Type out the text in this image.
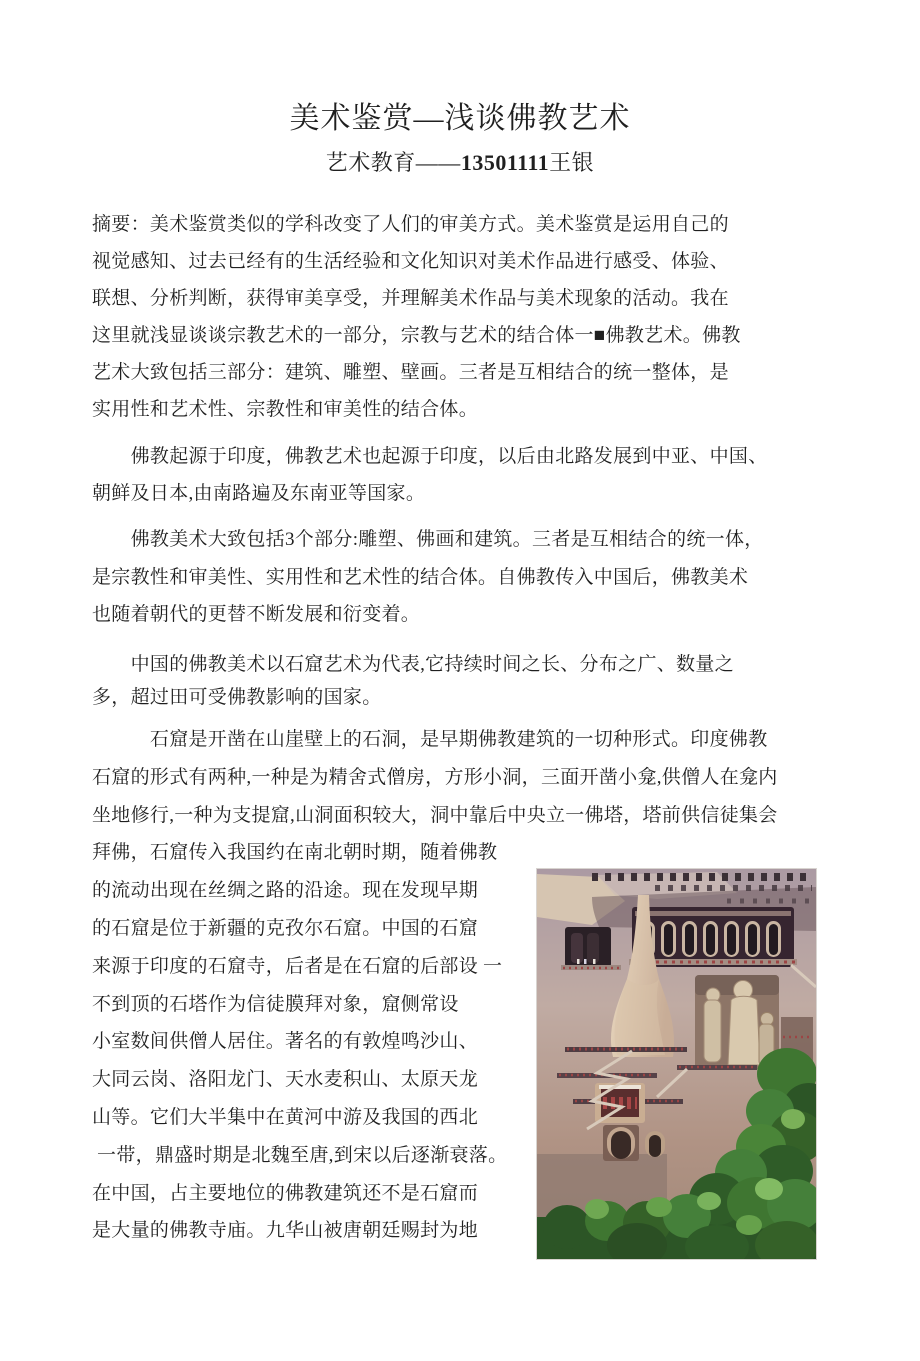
美术鉴赏—浅谈佛教艺术
艺术教育——13501111王银
摘要：美术鉴赏类似的学科改变了人们的审美方式。美术鉴赏是运用自己的
视觉感知、过去已经有的生活经验和文化知识对美术作品进行感受、体验、
联想、分析判断，获得审美享受，并理解美术作品与美术现象的活动。我在
这里就浅显谈谈宗教艺术的一部分，宗教与艺术的结合体一■佛教艺术。佛教
艺术大致包括三部分：建筑、雕塑、壁画。三者是互相结合的统一整体，是
实用性和艺术性、宗教性和审美性的结合体。
　　佛教起源于印度，佛教艺术也起源于印度，以后由北路发展到中亚、中国、
朝鲜及日本,由南路遍及东南亚等国家。
　　佛教美术大致包括3个部分:雕塑、佛画和建筑。三者是互相结合的统一体，
是宗教性和审美性、实用性和艺术性的结合体。自佛教传入中国后，佛教美术
也随着朝代的更替不断发展和衍变着。
　　中国的佛教美术以石窟艺术为代表,它持续时间之长、分布之广、数量之
多，超过田可受佛教影响的国家。
　　　石窟是开凿在山崖壁上的石洞，是早期佛教建筑的一切种形式。印度佛教
石窟的形式有两种,一种是为精舍式僧房，方形小洞，三面开凿小龛,供僧人在龛内
坐地修行,一种为支提窟,山洞面积较大，洞中靠后中央立一佛塔，塔前供信徒集会
拜佛，石窟传入我国约在南北朝时期，随着佛教
的流动出现在丝绸之路的沿途。现在发现早期
的石窟是位于新疆的克孜尔石窟。中国的石窟
来源于印度的石窟寺，后者是在石窟的后部设 一
不到顶的石塔作为信徒膜拜对象，窟侧常设
小室数间供僧人居住。著名的有敦煌鸣沙山、
大同云岗、洛阳龙门、天水麦积山、太原天龙
山等。它们大半集中在黄河中游及我国的西北
一带，鼎盛时期是北魏至唐,到宋以后逐渐衰落。
在中国，占主要地位的佛教建筑还不是石窟而
是大量的佛教寺庙。九华山被唐朝廷赐封为地
